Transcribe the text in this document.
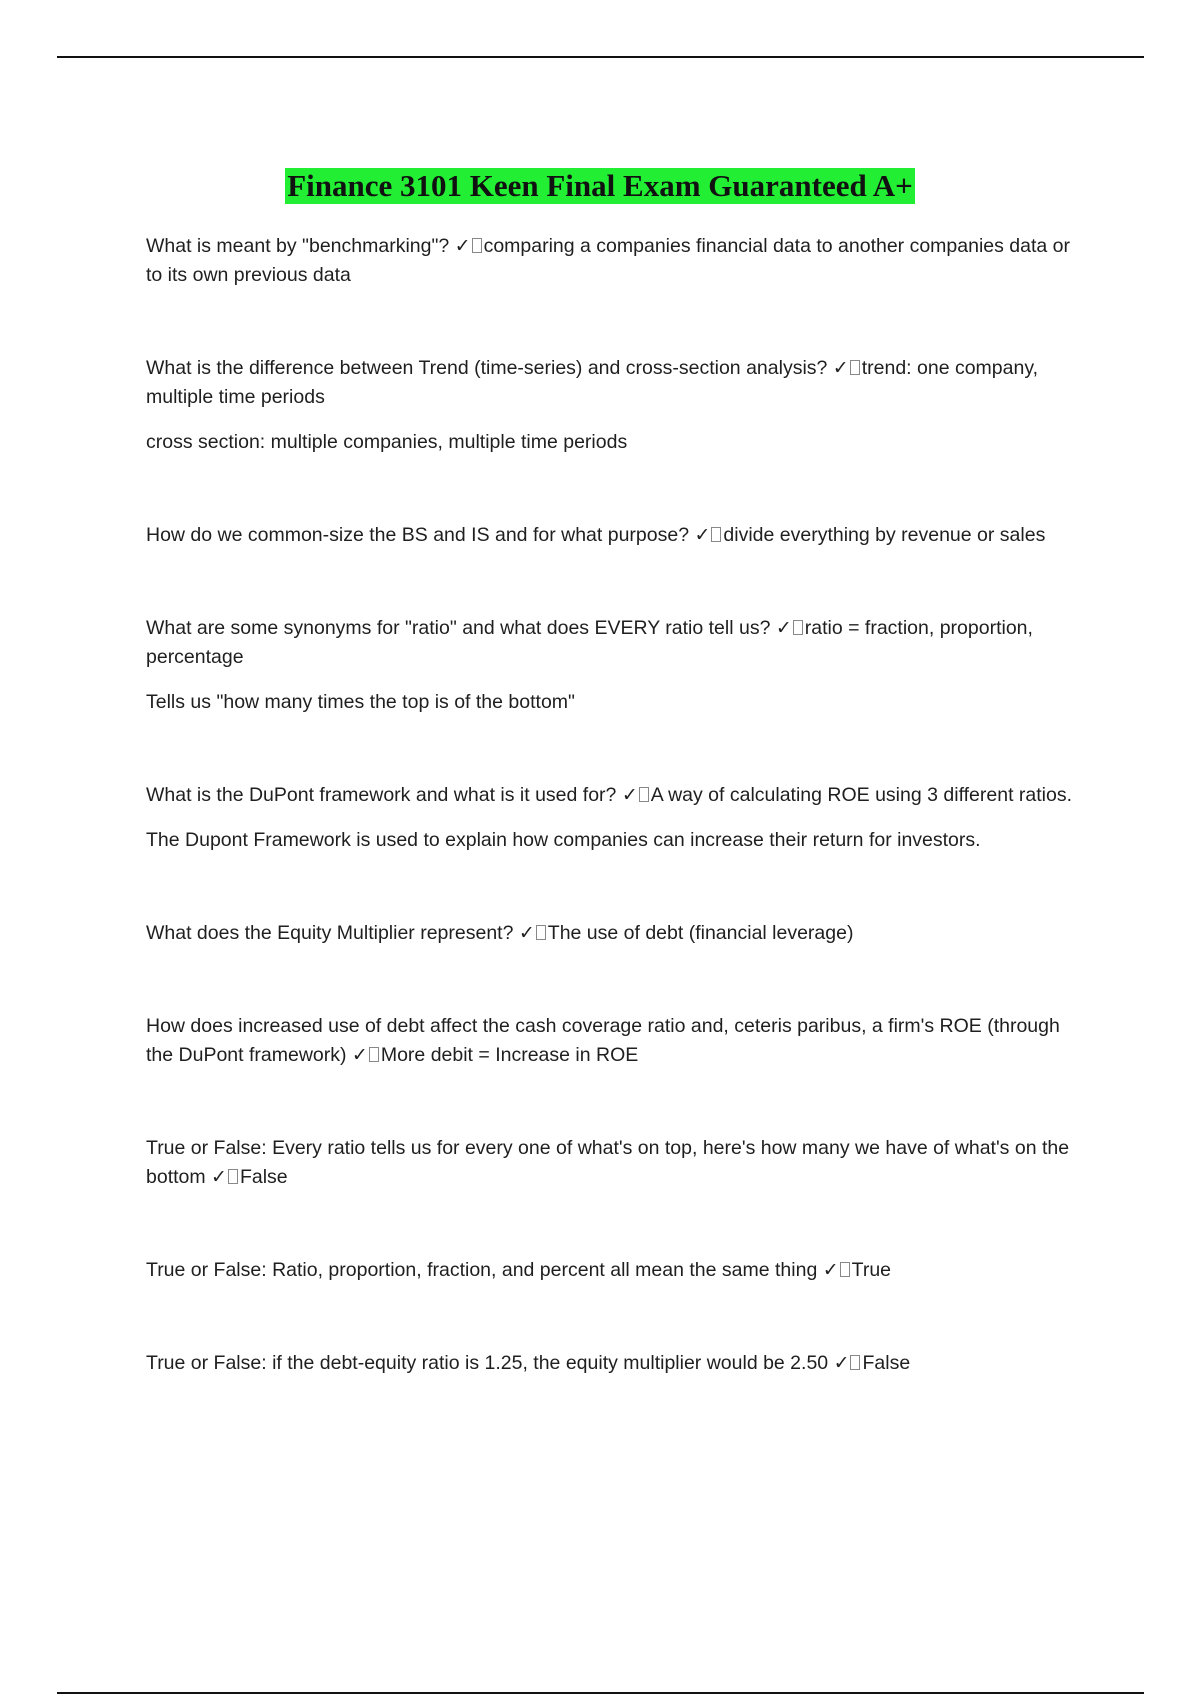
Finance 3101 Keen Final Exam Guaranteed A+

What is meant by "benchmarking"? ✓ comparing a companies financial data to another companies data or to its own previous data

What is the difference between Trend (time-series) and cross-section analysis? ✓ trend: one company, multiple time periods

cross section: multiple companies, multiple time periods

How do we common-size the BS and IS and for what purpose? ✓ divide everything by revenue or sales

What are some synonyms for "ratio" and what does EVERY ratio tell us? ✓ ratio = fraction, proportion, percentage

Tells us "how many times the top is of the bottom"

What is the DuPont framework and what is it used for? ✓ A way of calculating ROE using 3 different ratios.

The Dupont Framework is used to explain how companies can increase their return for investors.

What does the Equity Multiplier represent? ✓ The use of debt (financial leverage)

How does increased use of debt affect the cash coverage ratio and, ceteris paribus, a firm's ROE (through the DuPont framework) ✓ More debit = Increase in ROE

True or False: Every ratio tells us for every one of what's on top, here's how many we have of what's on the bottom ✓ False

True or False: Ratio, proportion, fraction, and percent all mean the same thing ✓ True

True or False: if the debt-equity ratio is 1.25, the equity multiplier would be 2.50 ✓ False
